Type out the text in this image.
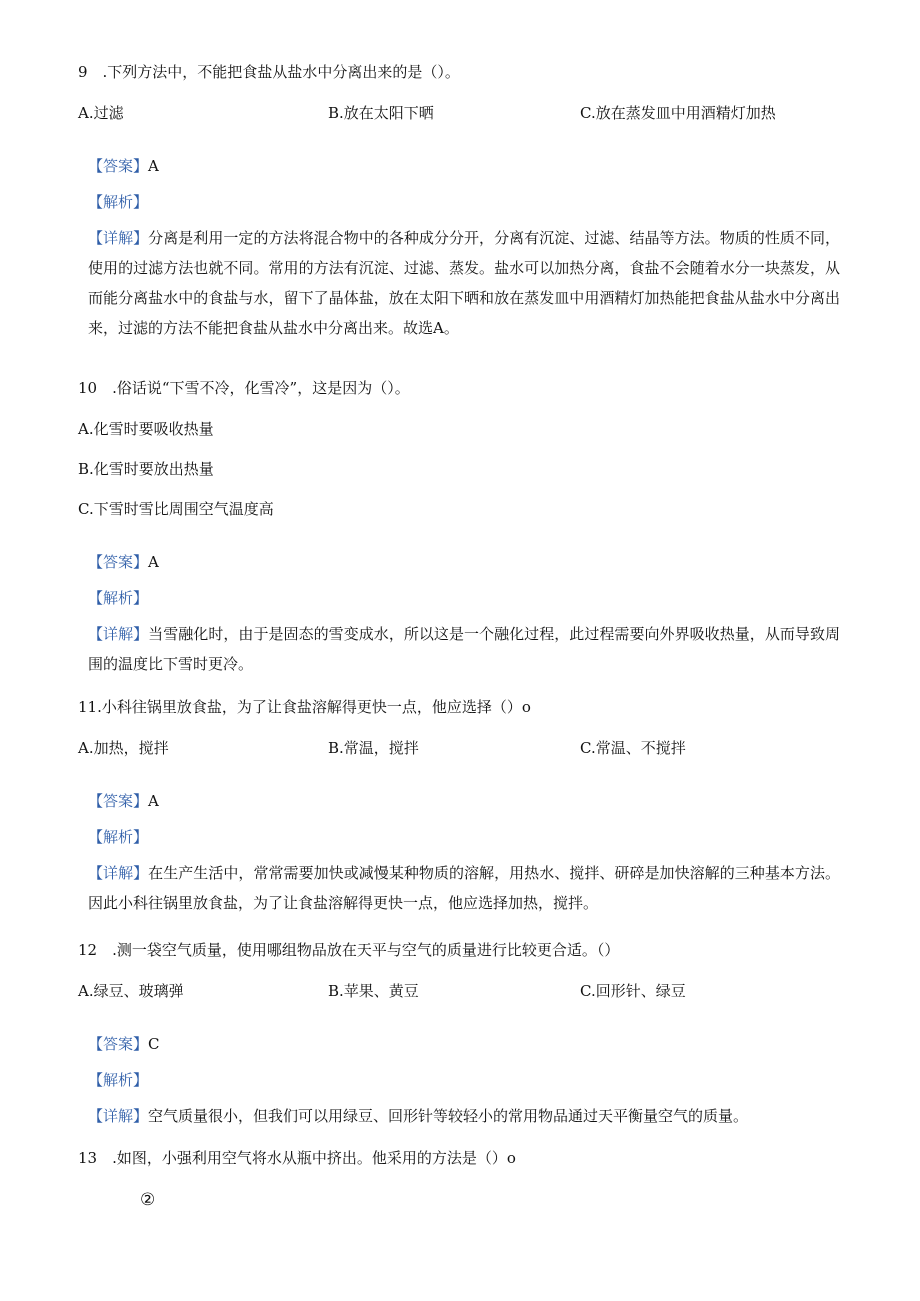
9　.下列方法中，不能把食盐从盐水中分离出来的是（）。
A.过滤	B.放在太阳下晒	C.放在蒸发皿中用酒精灯加热
【答案】A
【解析】
【详解】分离是利用一定的方法将混合物中的各种成分分开，分离有沉淀、过滤、结晶等方法。物质的性质不同，使用的过滤方法也就不同。常用的方法有沉淀、过滤、蒸发。盐水可以加热分离，食盐不会随着水分一块蒸发，从而能分离盐水中的食盐与水，留下了晶体盐，放在太阳下晒和放在蒸发皿中用酒精灯加热能把食盐从盐水中分离出来，过滤的方法不能把食盐从盐水中分离出来。故选A。
10　.俗话说“下雪不冷，化雪冷”，这是因为（）。
A.化雪时要吸收热量
B.化雪时要放出热量
C.下雪时雪比周围空气温度高
【答案】A
【解析】
【详解】当雪融化时，由于是固态的雪变成水，所以这是一个融化过程，此过程需要向外界吸收热量，从而导致周围的温度比下雪时更冷。
11.小科往锅里放食盐，为了让食盐溶解得更快一点，他应选择（）o
A.加热，搅拌	B.常温，搅拌	C.常温、不搅拌
【答案】A
【解析】
【详解】在生产生活中，常常需要加快或减慢某种物质的溶解，用热水、搅拌、研碎是加快溶解的三种基本方法。因此小科往锅里放食盐，为了让食盐溶解得更快一点，他应选择加热，搅拌。
12　.测一袋空气质量，使用哪组物品放在天平与空气的质量进行比较更合适。（）
A.绿豆、玻璃弹	B.苹果、黄豆	C.回形针、绿豆
【答案】C
【解析】
【详解】空气质量很小，但我们可以用绿豆、回形针等较轻小的常用物品通过天平衡量空气的质量。
13　.如图，小强利用空气将水从瓶中挤出。他采用的方法是（）o
②
